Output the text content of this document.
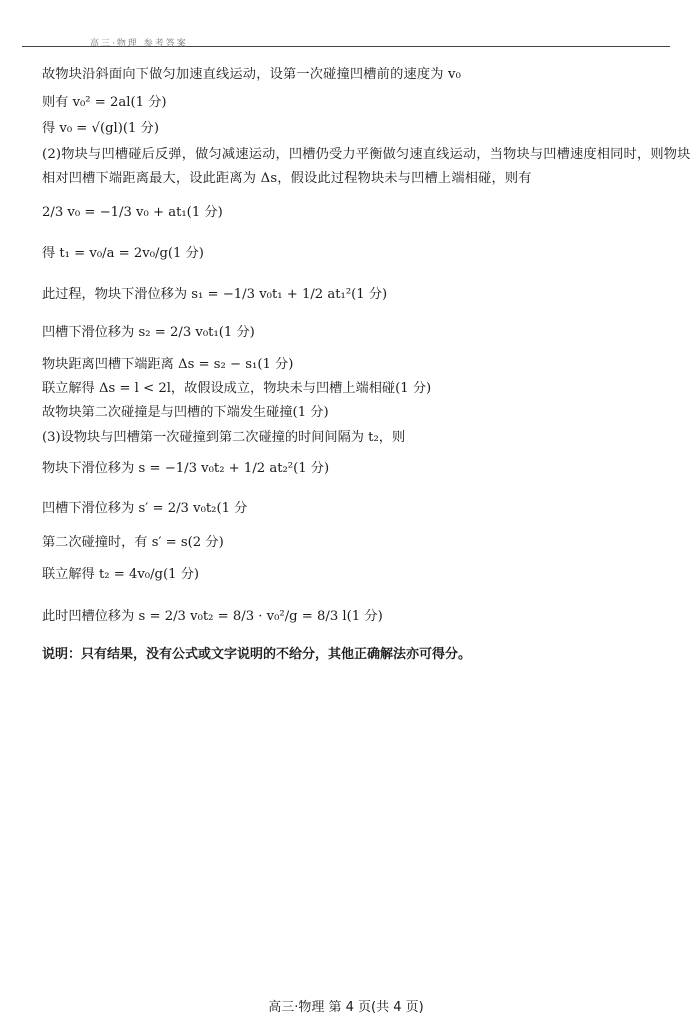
高三·物理 参考答案
故物块沿斜面向下做匀加速直线运动，设第一次碰撞凹槽前的速度为 v₀
则有 v₀² = 2al(1 分)
得 v₀ = √(gl)(1 分)
(2)物块与凹槽碰后反弹，做匀减速运动，凹槽仍受力平衡做匀速直线运动，当物块与凹槽速度相同时，则物块
相对凹槽下端距离最大，设此距离为 Δs，假设此过程物块未与凹槽上端相碰，则有
2/3 v₀ = −1/3 v₀ + at₁(1 分)
得 t₁ = v₀/a = 2v₀/g(1 分)
此过程，物块下滑位移为 s₁ = −1/3 v₀t₁ + 1/2 at₁²(1 分)
凹槽下滑位移为 s₂ = 2/3 v₀t₁(1 分)
物块距离凹槽下端距离 Δs = s₂ − s₁(1 分)
联立解得 Δs = l < 2l，故假设成立，物块未与凹槽上端相碰(1 分)
故物块第二次碰撞是与凹槽的下端发生碰撞(1 分)
(3)设物块与凹槽第一次碰撞到第二次碰撞的时间间隔为 t₂，则
物块下滑位移为 s = −1/3 v₀t₂ + 1/2 at₂²(1 分)
凹槽下滑位移为 s′ = 2/3 v₀t₂(1 分
第二次碰撞时，有 s′ = s(2 分)
联立解得 t₂ = 4v₀/g(1 分)
此时凹槽位移为 s = 2/3 v₀t₂ = 8/3 · v₀²/g = 8/3 l(1 分)
说明：只有结果，没有公式或文字说明的不给分，其他正确解法亦可得分。
高三·物理 第 4 页(共 4 页)
